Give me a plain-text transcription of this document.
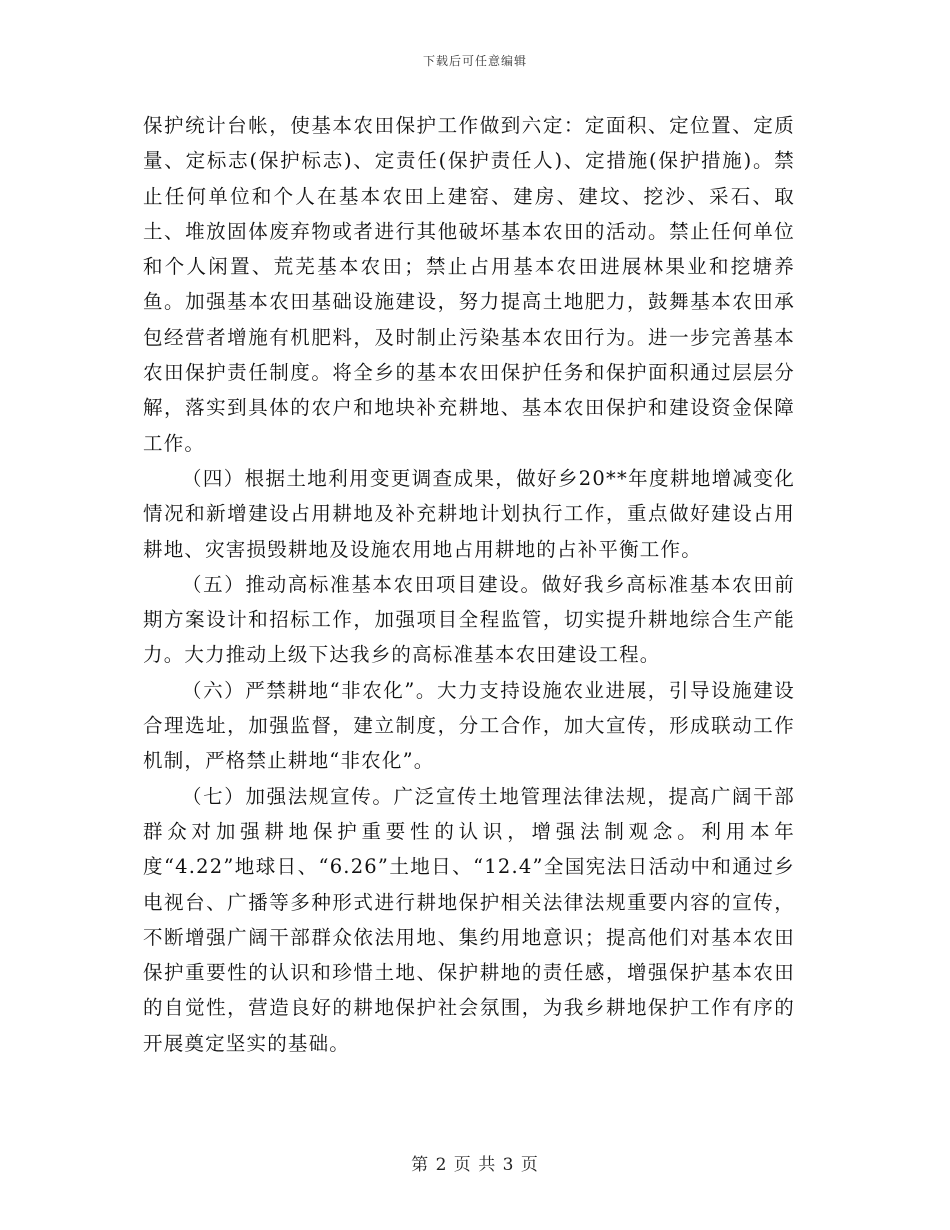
下载后可任意编辑

保护统计台帐，使基本农田保护工作做到六定：定面积、定位置、定质量、定标志(保护标志)、定责任(保护责任人)、定措施(保护措施)。禁止任何单位和个人在基本农田上建窑、建房、建坟、挖沙、采石、取土、堆放固体废弃物或者进行其他破坏基本农田的活动。禁止任何单位和个人闲置、荒芜基本农田；禁止占用基本农田进展林果业和挖塘养鱼。加强基本农田基础设施建设，努力提高土地肥力，鼓舞基本农田承包经营者增施有机肥料，及时制止污染基本农田行为。进一步完善基本农田保护责任制度。将全乡的基本农田保护任务和保护面积通过层层分解，落实到具体的农户和地块补充耕地、基本农田保护和建设资金保障工作。

（四）根据土地利用变更调查成果，做好乡20**年度耕地增减变化情况和新增建设占用耕地及补充耕地计划执行工作，重点做好建设占用耕地、灾害损毁耕地及设施农用地占用耕地的占补平衡工作。

（五）推动高标准基本农田项目建设。做好我乡高标准基本农田前期方案设计和招标工作，加强项目全程监管，切实提升耕地综合生产能力。大力推动上级下达我乡的高标准基本农田建设工程。

（六）严禁耕地“非农化”。大力支持设施农业进展，引导设施建设合理选址，加强监督，建立制度，分工合作，加大宣传，形成联动工作机制，严格禁止耕地“非农化”。

（七）加强法规宣传。广泛宣传土地管理法律法规，提高广阔干部群众对加强耕地保护重要性的认识，增强法制观念。利用本年度“4.22”地球日、“6.26”土地日、“12.4”全国宪法日活动中和通过乡电视台、广播等多种形式进行耕地保护相关法律法规重要内容的宣传，不断增强广阔干部群众依法用地、集约用地意识；提高他们对基本农田保护重要性的认识和珍惜土地、保护耕地的责任感，增强保护基本农田的自觉性，营造良好的耕地保护社会氛围，为我乡耕地保护工作有序的开展奠定坚实的基础。

第 2 页 共 3 页
